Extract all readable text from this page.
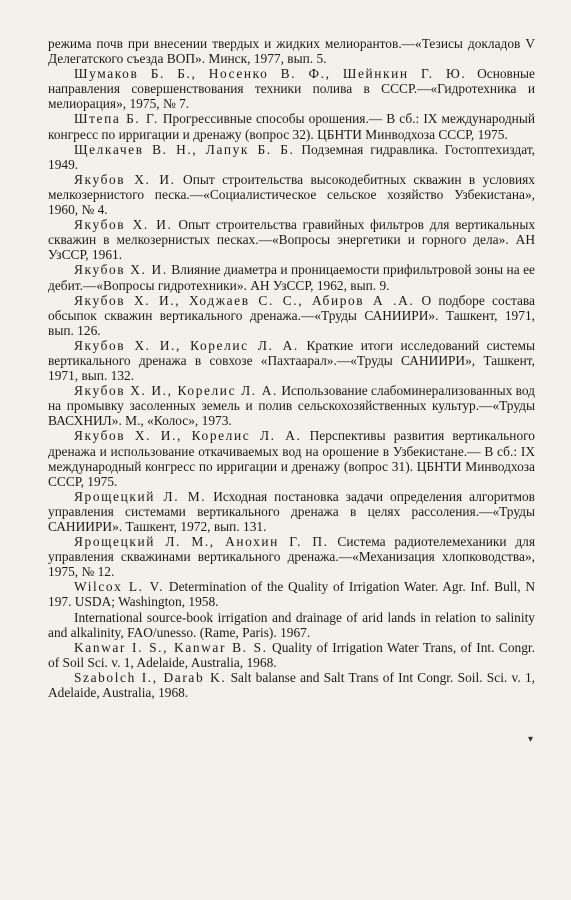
режима почв при внесении твердых и жидких мелиорантов.—«Тезисы докладов V Делегатского съезда ВОП». Минск, 1977, вып. 5.

Шумаков Б. Б., Носенко В. Ф., Шейнкин Г. Ю. Основные направления совершенствования техники полива в СССР.—«Гидротехника и мелиорация», 1975, № 7.

Штепа Б. Г. Прогрессивные способы орошения.— В сб.: IX международный конгресс по ирригации и дренажу (вопрос 32). ЦБНТИ Минводхоза СССР, 1975.

Щелкачев В. Н., Лапук Б. Б. Подземная гидравлика. Гостоптехиздат, 1949.

Якубов Х. И. Опыт строительства высокодебитных скважин в условиях мелкозернистого песка.—«Социалистическое сельское хозяйство Узбекистана», 1960, № 4.

Якубов Х. И. Опыт строительства гравийных фильтров для вертикальных скважин в мелкозернистых песках.—«Вопросы энергетики и горного дела». АН УзССР, 1961.

Якубов Х. И. Влияние диаметра и проницаемости прифильтровой зоны на ее дебит.—«Вопросы гидротехники». АН УзССР, 1962, вып. 9.

Якубов Х. И., Ходжаев С. С., Абиров А .А. О подборе состава обсыпок скважин вертикального дренажа.—«Труды САНИИРИ». Ташкент, 1971, вып. 126.

Якубов Х. И., Корелис Л. А. Краткие итоги исследований системы вертикального дренажа в совхозе «Пахтаарал».—«Труды САНИИРИ», Ташкент, 1971, вып. 132.

Якубов Х. И., Корелис Л. А. Использование слабоминерализованных вод на промывку засоленных земель и полив сельскохозяйственных культур.—«Труды ВАСХНИЛ». М., «Колос», 1973.

Якубов Х. И., Корелис Л. А. Перспективы развития вертикального дренажа и использование откачиваемых вод на орошение в Узбекистане.— В сб.: IX международный конгресс по ирригации и дренажу (вопрос 31). ЦБНТИ Минводхоза СССР, 1975.

Ярощецкий Л. М. Исходная постановка задачи определения алгоритмов управления системами вертикального дренажа в целях рассоления.—«Труды САНИИРИ». Ташкент, 1972, вып. 131.

Ярощецкий Л. М., Анохин Г. П. Система радиотелемеханики для управления скважинами вертикального дренажа.—«Механизация хлопководства», 1975, № 12.

Wilcox L. V. Determination of the Quality of Irrigation Water. Agr. Inf. Bull, N 197. USDA; Washington, 1958.

International source-book irrigation and drainage of arid lands in relation to salinity and alkalinity, FAO/unesso. (Rame, Paris). 1967.

Kanwar I. S., Kanwar B. S. Quality of Irrigation Water Trans, of Int. Congr. of Soil Sci. v. 1, Adelaide, Australia, 1968.

Szabolch I., Darab K. Salt balanse and Salt Trans of Int Congr. Soil. Sci. v. 1, Adelaide, Australia, 1968.

▾
